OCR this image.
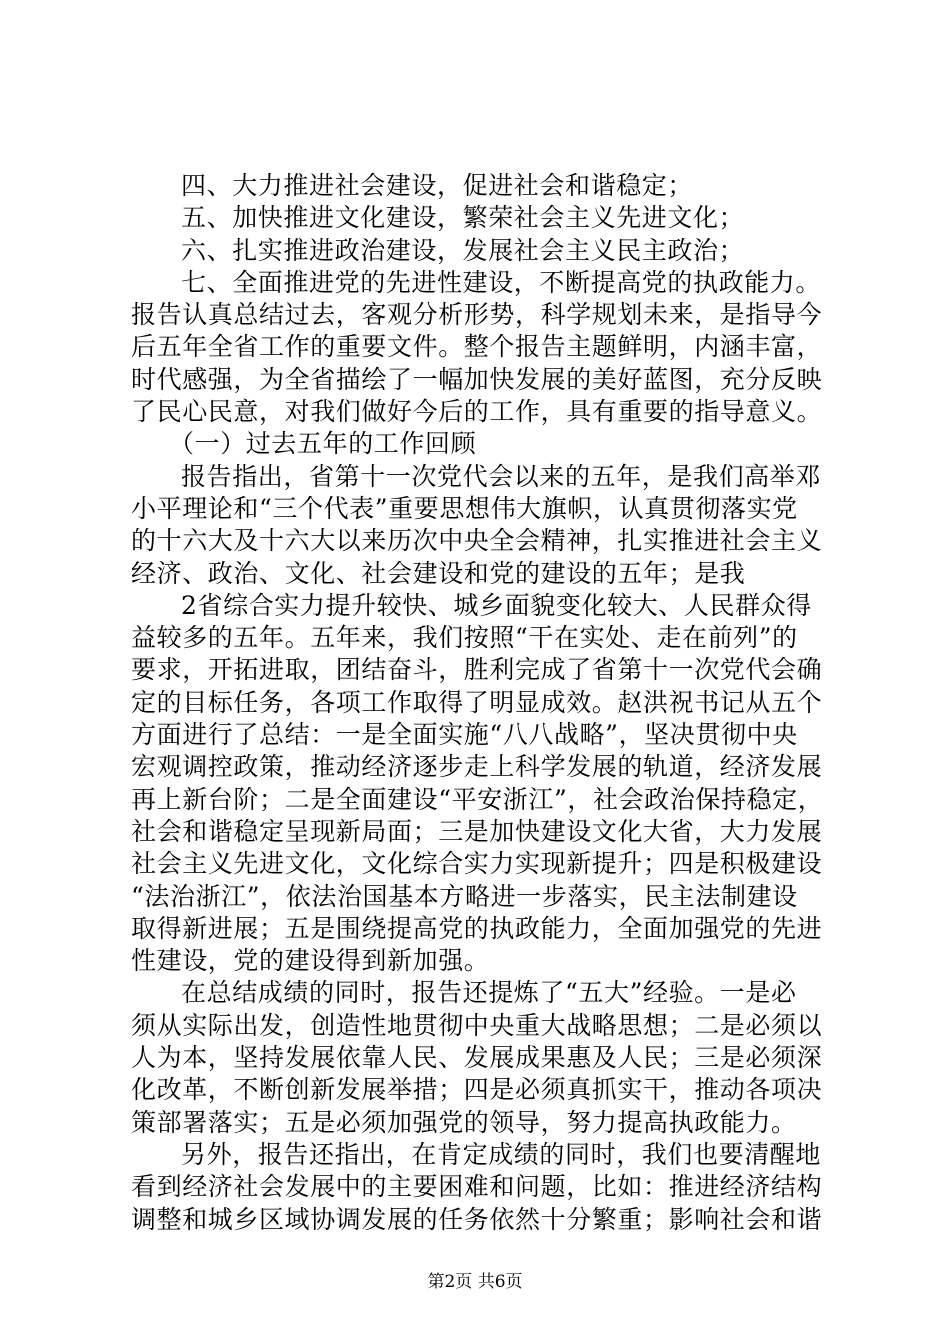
四、大力推进社会建设，促进社会和谐稳定；
五、加快推进文化建设，繁荣社会主义先进文化；
六、扎实推进政治建设，发展社会主义民主政治；
七、全面推进党的先进性建设，不断提高党的执政能力。
报告认真总结过去，客观分析形势，科学规划未来，是指导今
后五年全省工作的重要文件。整个报告主题鲜明，内涵丰富，
时代感强，为全省描绘了一幅加快发展的美好蓝图，充分反映
了民心民意，对我们做好今后的工作，具有重要的指导意义。
（一）过去五年的工作回顾
报告指出，省第十一次党代会以来的五年，是我们高举邓
小平理论和“三个代表”重要思想伟大旗帜，认真贯彻落实党
的十六大及十六大以来历次中央全会精神，扎实推进社会主义
经济、政治、文化、社会建设和党的建设的五年；是我
2省综合实力提升较快、城乡面貌变化较大、人民群众得
益较多的五年。五年来，我们按照“干在实处、走在前列”的
要求，开拓进取，团结奋斗，胜利完成了省第十一次党代会确
定的目标任务，各项工作取得了明显成效。赵洪祝书记从五个
方面进行了总结：一是全面实施“八八战略”，坚决贯彻中央
宏观调控政策，推动经济逐步走上科学发展的轨道，经济发展
再上新台阶；二是全面建设“平安浙江”，社会政治保持稳定，
社会和谐稳定呈现新局面；三是加快建设文化大省，大力发展
社会主义先进文化，文化综合实力实现新提升；四是积极建设
“法治浙江”，依法治国基本方略进一步落实，民主法制建设
取得新进展；五是围绕提高党的执政能力，全面加强党的先进
性建设，党的建设得到新加强。
在总结成绩的同时，报告还提炼了“五大”经验。一是必
须从实际出发，创造性地贯彻中央重大战略思想；二是必须以
人为本，坚持发展依靠人民、发展成果惠及人民；三是必须深
化改革，不断创新发展举措；四是必须真抓实干，推动各项决
策部署落实；五是必须加强党的领导，努力提高执政能力。
另外，报告还指出，在肯定成绩的同时，我们也要清醒地
看到经济社会发展中的主要困难和问题，比如：推进经济结构
调整和城乡区域协调发展的任务依然十分繁重；影响社会和谐
第2页 共6页
